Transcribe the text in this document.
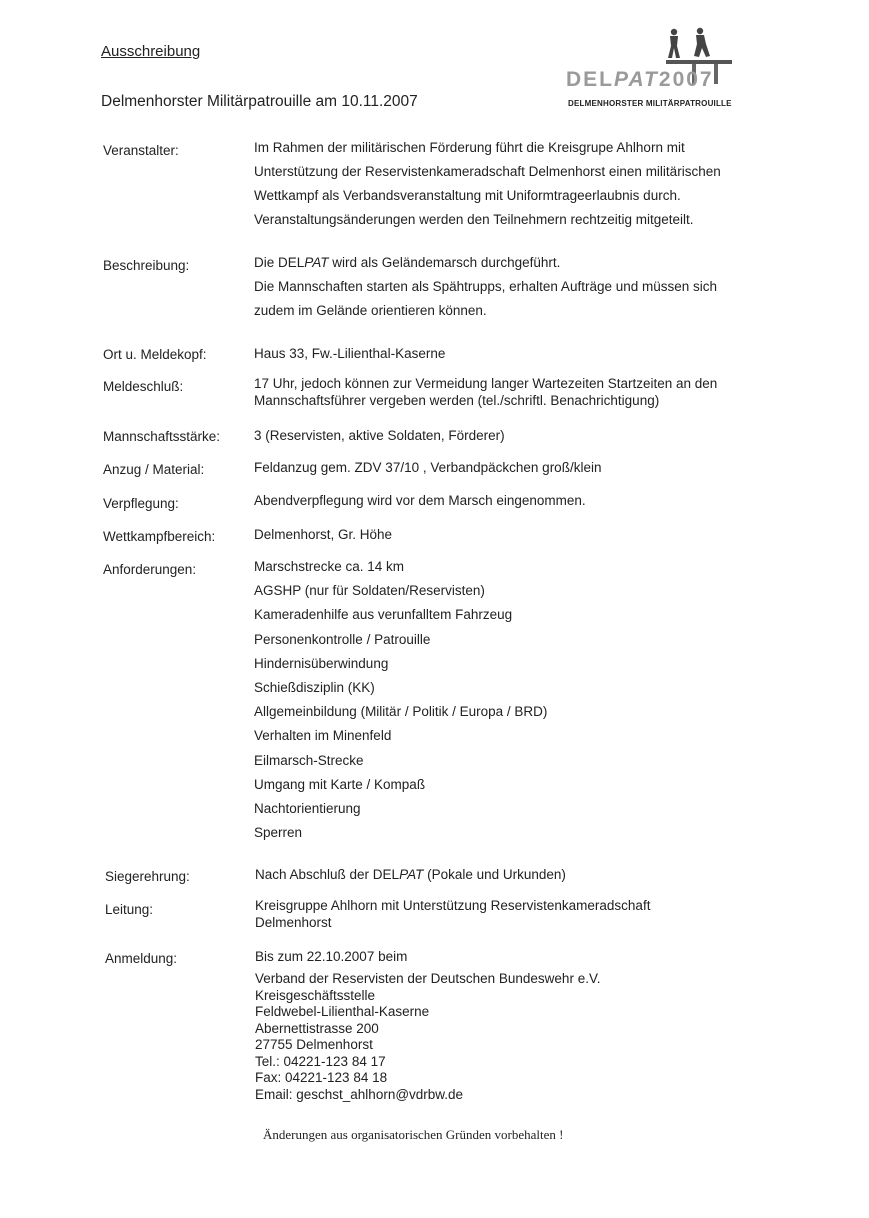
Ausschreibung
Delmenhorster Militärpatrouille am 10.11.2007
DELPAT2007
DELMENHORSTER MILITÄRPATROUILLE
Veranstalter:	Im Rahmen der militärischen Förderung führt die Kreisgrupe Ahlhorn mit
Unterstützung der Reservistenkameradschaft Delmenhorst einen militärischen
Wettkampf als Verbandsveranstaltung mit Uniformtrageerlaubnis durch.
Veranstaltungsänderungen werden den Teilnehmern rechtzeitig mitgeteilt.
Beschreibung:	Die DELPAT wird als Geländemarsch durchgeführt.
Die Mannschaften starten als Spähtrupps, erhalten Aufträge und müssen sich
zudem im Gelände orientieren können.
Ort u. Meldekopf:	Haus 33, Fw.-Lilienthal-Kaserne
Meldeschluß:	17 Uhr, jedoch können zur Vermeidung langer Wartezeiten Startzeiten an den
Mannschaftsführer vergeben werden (tel./schriftl. Benachrichtigung)
Mannschaftsstärke:	3 (Reservisten, aktive Soldaten, Förderer)
Anzug / Material:	Feldanzug gem. ZDV 37/10 , Verbandpäckchen groß/klein
Verpflegung:	Abendverpflegung wird vor dem Marsch eingenommen.
Wettkampfbereich:	Delmenhorst, Gr. Höhe
Anforderungen:	Marschstrecke ca. 14 km
AGSHP (nur für Soldaten/Reservisten)
Kameradenhilfe aus verunfalltem Fahrzeug
Personenkontrolle / Patrouille
Hindernisüberwindung
Schießdisziplin (KK)
Allgemeinbildung (Militär / Politik / Europa / BRD)
Verhalten im Minenfeld
Eilmarsch-Strecke
Umgang mit Karte / Kompaß
Nachtorientierung
Sperren
Siegerehrung:	Nach Abschluß der DELPAT (Pokale und Urkunden)
Leitung:	Kreisgruppe Ahlhorn mit Unterstützung Reservistenkameradschaft
Delmenhorst
Anmeldung:	Bis zum 22.10.2007 beim
Verband der Reservisten der Deutschen Bundeswehr e.V.
Kreisgeschäftsstelle
Feldwebel-Lilienthal-Kaserne
Abernettistrasse 200
27755 Delmenhorst
Tel.: 04221-123 84 17
Fax: 04221-123 84 18
Email: geschst_ahlhorn@vdrbw.de
Änderungen aus organisatorischen Gründen vorbehalten !
